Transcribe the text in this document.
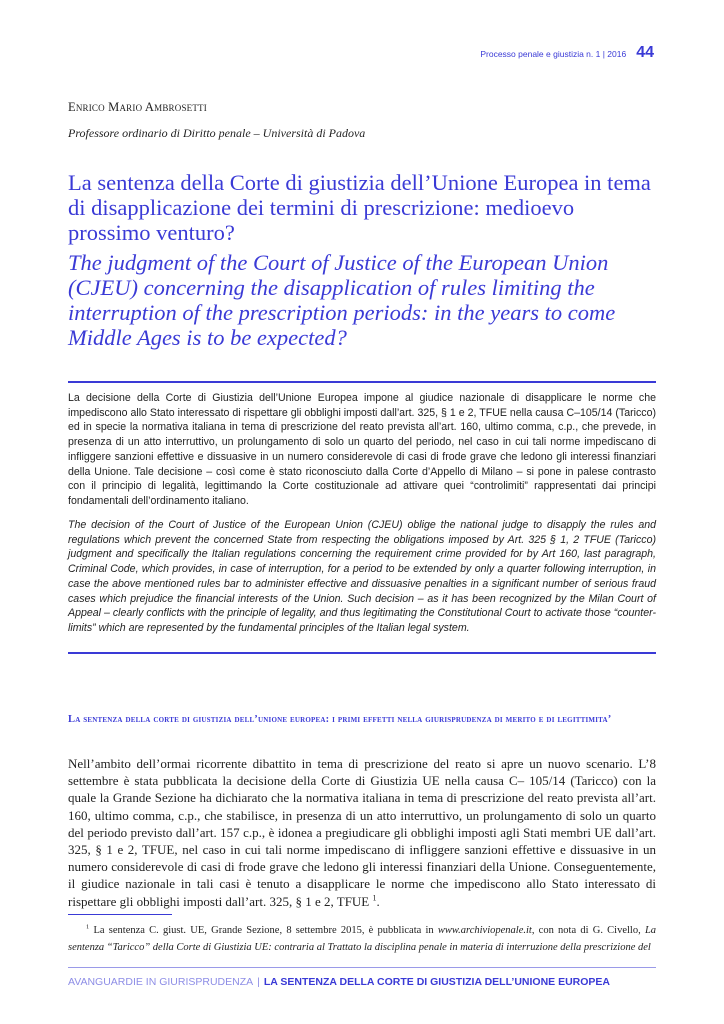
Processo penale e giustizia n. 1 | 2016 44
Enrico Mario Ambrosetti
Professore ordinario di Diritto penale – Università di Padova
La sentenza della Corte di giustizia dell’Unione Europea in tema di disapplicazione dei termini di prescrizione: medioevo prossimo venturo?
The judgment of the Court of Justice of the European Union (CJEU) concerning the disapplication of rules limiting the interruption of the prescription periods: in the years to come Middle Ages is to be expected?
La decisione della Corte di Giustizia dell’Unione Europea impone al giudice nazionale di disapplicare le norme che impediscono allo Stato interessato di rispettare gli obblighi imposti dall’art. 325, § 1 e 2, TFUE nella causa C–105/14 (Taricco) ed in specie la normativa italiana in tema di prescrizione del reato prevista all’art. 160, ultimo comma, c.p., che prevede, in presenza di un atto interruttivo, un prolungamento di solo un quarto del periodo, nel caso in cui tali norme impediscano di infliggere sanzioni effettive e dissuasive in un numero considerevole di casi di frode grave che ledono gli interessi finanziari della Unione. Tale decisione – così come è stato riconosciuto dalla Corte d’Appello di Milano – si pone in palese contrasto con il principio di legalità, legittimando la Corte costituzionale ad attivare quei “controlimiti” rappresentati dai principi fondamentali dell’ordinamento italiano.
The decision of the Court of Justice of the European Union (CJEU) oblige the national judge to disapply the rules and regulations which prevent the concerned State from respecting the obligations imposed by Art. 325 § 1, 2 TFUE (Taricco) judgment and specifically the Italian regulations concerning the requirement crime provided for by Art 160, last paragraph, Criminal Code, which provides, in case of interruption, for a period to be extended by only a quarter following interruption, in case the above mentioned rules bar to administer effective and dissuasive penalties in a significant number of serious fraud cases which prejudice the financial interests of the Union. Such decision – as it has been recognized by the Milan Court of Appeal – clearly conflicts with the principle of legality, and thus legitimating the Constitutional Court to activate those “counter-limits” which are represented by the fundamental principles of the Italian legal system.
La sentenza della corte di giustizia dell’unione europea: i primi effetti nella giurisprudenza di merito e di legittimita’
Nell’ambito dell’ormai ricorrente dibattito in tema di prescrizione del reato si apre un nuovo scenario. L’8 settembre è stata pubblicata la decisione della Corte di Giustizia UE nella causa C– 105/14 (Taricco) con la quale la Grande Sezione ha dichiarato che la normativa italiana in tema di prescrizione del reato prevista all’art. 160, ultimo comma, c.p., che stabilisce, in presenza di un atto interruttivo, un prolungamento di solo un quarto del periodo previsto dall’art. 157 c.p., è idonea a pregiudicare gli obblighi imposti agli Stati membri UE dall’art. 325, § 1 e 2, TFUE, nel caso in cui tali norme impediscano di infliggere sanzioni effettive e dissuasive in un numero considerevole di casi di frode grave che ledono gli interessi finanziari della Unione. Conseguentemente, il giudice nazionale in tali casi è tenuto a disapplicare le norme che impediscono allo Stato interessato di rispettare gli obblighi imposti dall’art. 325, § 1 e 2, TFUE $^1$.
$^1$ La sentenza C. giust. UE, Grande Sezione, 8 settembre 2015, è pubblicata in www.archiviopenale.it, con nota di G. Civello, La sentenza “Taricco” della Corte di Giustizia UE: contraria al Trattato la disciplina penale in materia di interruzione della prescrizione del
AVANGUARDIE IN GIURISPRUDENZA | LA SENTENZA DELLA CORTE DI GIUSTIZIA DELL’UNIONE EUROPEA
